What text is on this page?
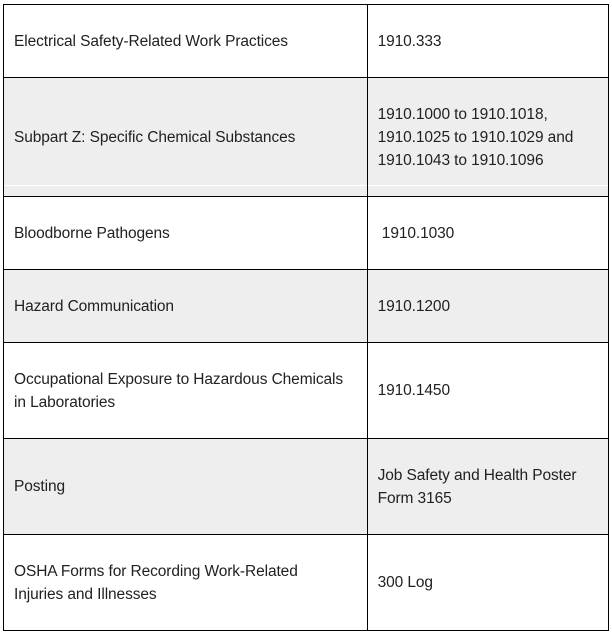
Electrical Safety-Related Work Practices	1910.333
Subpart Z: Specific Chemical Substances	1910.1000 to 1910.1018,
1910.1025 to 1910.1029 and
1910.1043 to 1910.1096

Bloodborne Pathogens	1910.1030
Hazard Communication	1910.1200

Occupational Exposure to Hazardous Chemicals
in Laboratories	1910.1450
Posting	Job Safety and Health Poster
Form 3165

OSHA Forms for Recording Work-Related
Injuries and Illnesses	300 Log
